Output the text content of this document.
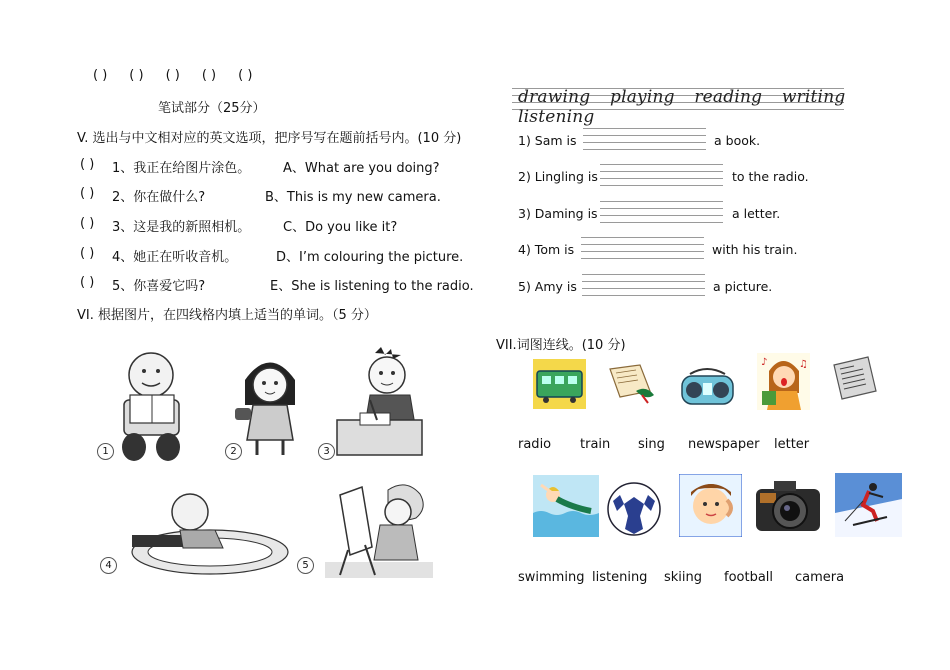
( ) ( ) ( ) ( ) ( )
笔试部分（25分）
V. 选出与中文相对应的英文选项，把序号写在题前括号内。(10 分)
( ) 1、我正在给图片涂色。	A、What are you doing?
( ) 2、你在做什么?	B、This is my new camera.
( ) 3、这是我的新照相机。	C、Do you like it?
( ) 4、她正在听收音机。	D、I’m colouring the picture.
( ) 5、你喜爱它吗?	E、She is listening to the radio.
VI. 根据图片，在四线格内填上适当的单词。（5 分）
1	2	3
4	5
drawing playing reading writing listening
1) Sam is	a book.
2) Lingling is	to the radio.
3) Daming is	a letter.
4) Tom is	with his train.
5) Amy is	a picture.
VII.词图连线。(10 分)
♪	♫
radio train sing newspaper letter
swimming listening skiing football camera
